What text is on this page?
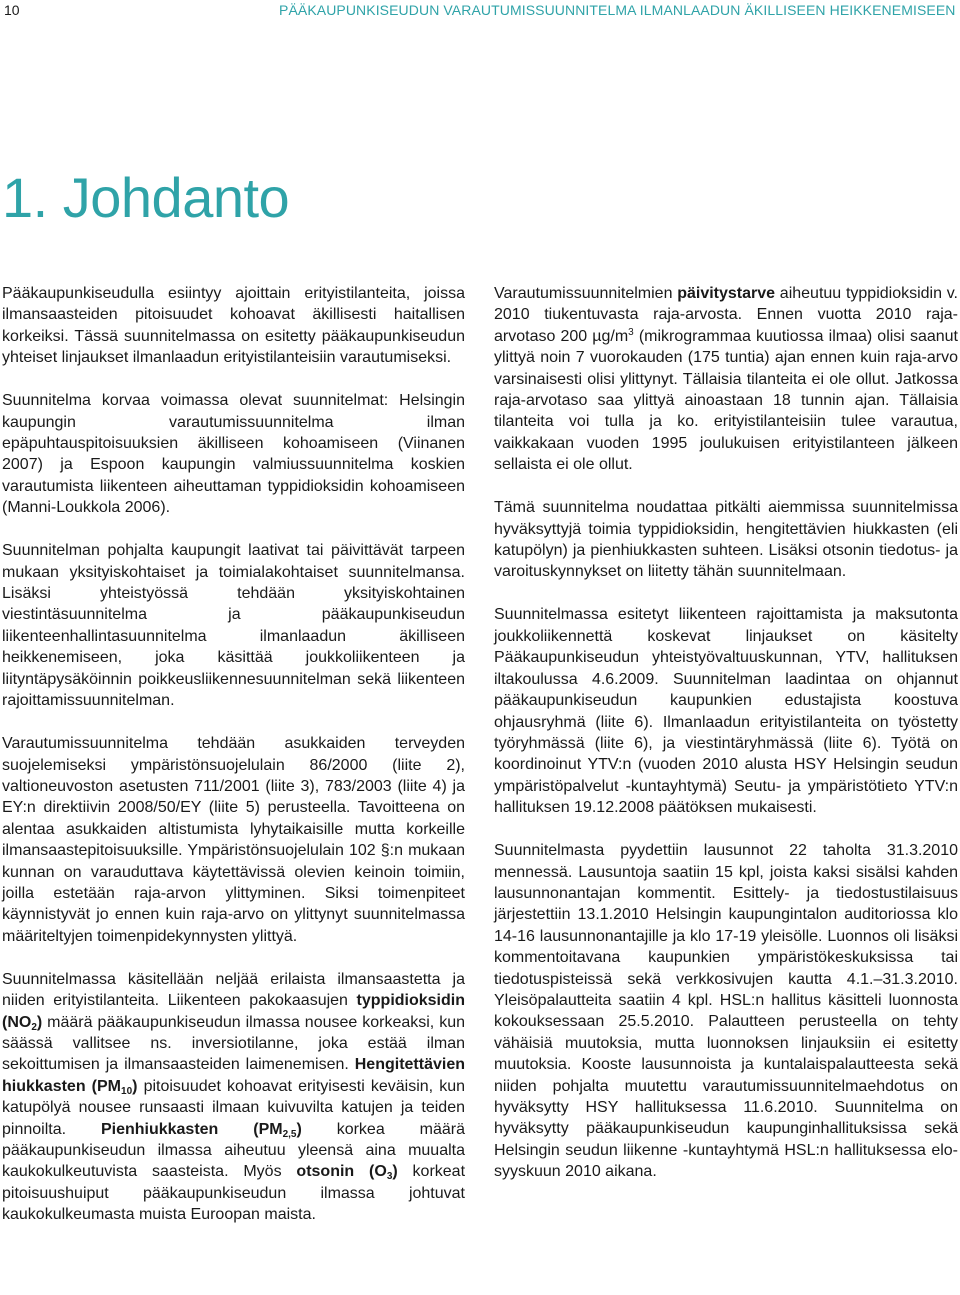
10	PÄÄKAUPUNKISEUDUN VARAUTUMISSUUNNITELMA ILMANLAADUN ÄKILLISEEN HEIKKENEMISEEN
1. Johdanto

Pääkaupunkiseudulla esiintyy ajoittain erityistilanteita, joissa ilmansaasteiden pitoisuudet kohoavat äkillisesti haitallisen korkeiksi. Tässä suunnitelmassa on esitetty pääkaupunkiseudun yhteiset linjaukset ilmanlaadun erityistilanteisiin varautumiseksi.

Suunnitelma korvaa voimassa olevat suunnitelmat: Helsingin kaupungin varautumissuunnitelma ilman epäpuhtauspitoisuuksien äkilliseen kohoamiseen (Viinanen 2007) ja Espoon kaupungin valmiussuunnitelma koskien varautumista liikenteen aiheuttaman typpidioksidin kohoamiseen (Manni-Loukkola 2006).

Suunnitelman pohjalta kaupungit laativat tai päivittävät tarpeen mukaan yksityiskohtaiset ja toimialakohtaiset suunnitelmansa. Lisäksi yhteistyössä tehdään yksityiskohtainen viestintäsuunnitelma ja pääkaupunkiseudun liikenteenhallintasuunnitelma ilmanlaadun äkilliseen heikkenemiseen, joka käsittää joukkoliikenteen ja liityntäpysäköinnin poikkeusliikennesuunnitelman sekä liikenteen rajoittamissuunnitelman.

Varautumissuunnitelma tehdään asukkaiden terveyden suojelemiseksi ympäristönsuojelulain 86/2000 (liite 2), valtioneuvoston asetusten 711/2001 (liite 3), 783/2003 (liite 4) ja EY:n direktiivin 2008/50/EY (liite 5) perusteella. Tavoitteena on alentaa asukkaiden altistumista lyhytaikaisille mutta korkeille ilmansaastepitoisuuksille. Ympäristönsuojelulain 102 §:n mukaan kunnan on varauduttava käytettävissä olevien keinoin toimiin, joilla estetään raja-arvon ylittyminen. Siksi toimenpiteet käynnistyvät jo ennen kuin raja-arvo on ylittynyt suunnitelmassa määriteltyjen toimenpidekynnysten ylittyä.

Suunnitelmassa käsitellään neljää erilaista ilmansaastetta ja niiden erityistilanteita. Liikenteen pakokaasujen typpidioksidin $(NO_2)$ määrä pääkaupunkiseudun ilmassa nousee korkeaksi, kun säässä vallitsee ns. inversiotilanne, joka estää ilman sekoittumisen ja ilmansaasteiden laimenemisen. Hengitettävien hiukkasten $(PM_{10})$ pitoisuudet kohoavat erityisesti keväisin, kun katupölyä nousee runsaasti ilmaan kuivuvilta katujen ja teiden pinnoilta. Pienhiukkasten $(PM_{2,5})$ korkea määrä pääkaupunkiseudun ilmassa aiheutuu yleensä aina muualta kaukokulkeutuvista saasteista. Myös otsonin $(O_3)$ korkeat pitoisuushuiput pääkaupunkiseudun ilmassa johtuvat kaukokulkeumasta muista Euroopan maista.

Varautumissuunnitelmien päivitystarve aiheutuu typpidioksidin v. 2010 tiukentuvasta raja-arvosta. Ennen vuotta 2010 raja-arvotaso 200 $\mu g/m^3$ (mikrogrammaa kuutiossa ilmaa) olisi saanut ylittyä noin 7 vuorokauden (175 tuntia) ajan ennen kuin raja-arvo varsinaisesti olisi ylittynyt. Tällaisia tilanteita ei ole ollut. Jatkossa raja-arvotaso saa ylittyä ainoastaan 18 tunnin ajan. Tällaisia tilanteita voi tulla ja ko. erityistilanteisiin tulee varautua, vaikkakaan vuoden 1995 joulukuisen erityistilanteen jälkeen sellaista ei ole ollut.

Tämä suunnitelma noudattaa pitkälti aiemmissa suunnitelmissa hyväksyttyjä toimia typpidioksidin, hengitettävien hiukkasten (eli katupölyn) ja pienhiukkasten suhteen. Lisäksi otsonin tiedotus- ja varoituskynnykset on liitetty tähän suunnitelmaan.

Suunnitelmassa esitetyt liikenteen rajoittamista ja maksutonta joukkoliikennettä koskevat linjaukset on käsitelty Pääkaupunkiseudun yhteistyövaltuuskunnan, YTV, hallituksen iltakoulussa 4.6.2009. Suunnitelman laadintaa on ohjannut pääkaupunkiseudun kaupunkien edustajista koostuva ohjausryhmä (liite 6). Ilmanlaadun erityistilanteita on työstetty työryhmässä (liite 6), ja viestintäryhmässä (liite 6). Työtä on koordinoinut YTV:n (vuoden 2010 alusta HSY Helsingin seudun ympäristöpalvelut -kuntayhtymä) Seutu- ja ympäristötieto YTV:n hallituksen 19.12.2008 päätöksen mukaisesti.

Suunnitelmasta pyydettiin lausunnot 22 taholta 31.3.2010 mennessä. Lausuntoja saatiin 15 kpl, joista kaksi sisälsi kahden lausunnonantajan kommentit. Esittely- ja tiedostustilaisuus järjestettiin 13.1.2010 Helsingin kaupungintalon auditoriossa klo 14-16 lausunnonantajille ja klo 17-19 yleisölle. Luonnos oli lisäksi kommentoitavana kaupunkien ympäristökeskuksissa tai tiedotuspisteissä sekä verkkosivujen kautta 4.1.–31.3.2010. Yleisöpalautteita saatiin 4 kpl. HSL:n hallitus käsitteli luonnosta kokouksessaan 25.5.2010. Palautteen perusteella on tehty vähäisiä muutoksia, mutta luonnoksen linjauksiin ei esitetty muutoksia. Kooste lausunnoista ja kuntalaispalautteesta sekä niiden pohjalta muutettu varautumissuunnitelmaehdotus on hyväksytty HSY hallituksessa 11.6.2010. Suunnitelma on hyväksytty pääkaupunkiseudun kaupunginhallituksissa sekä Helsingin seudun liikenne -kuntayhtymä HSL:n hallituksessa elo-syyskuun 2010 aikana.
